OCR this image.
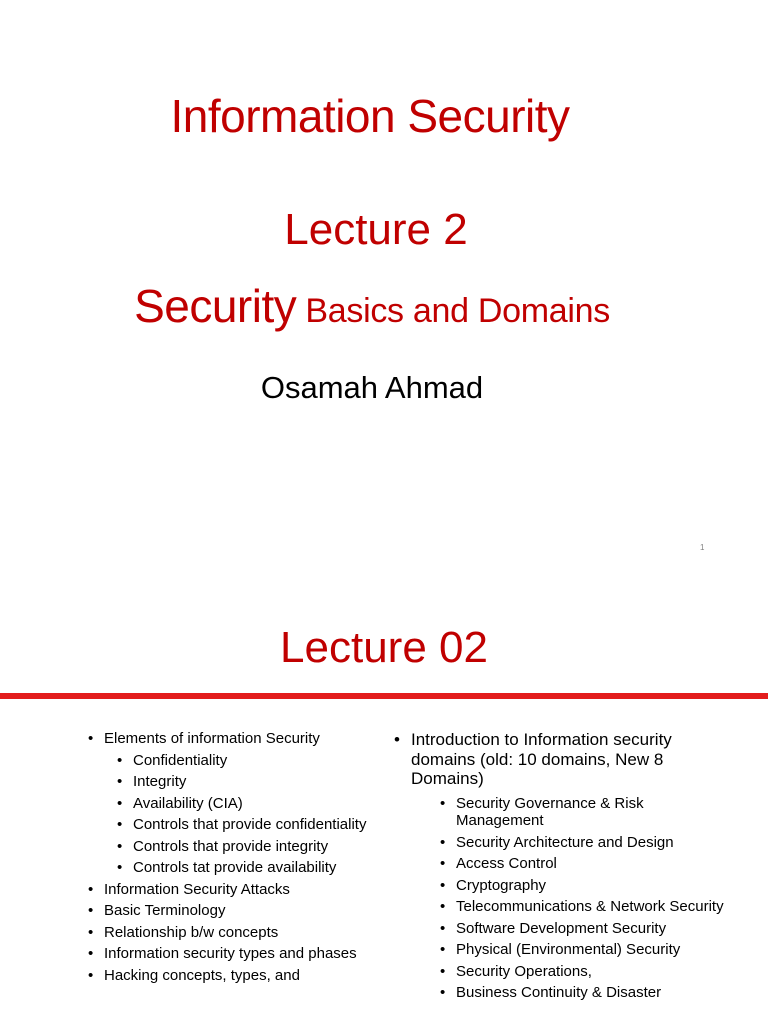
Information Security
Lecture 2
Security Basics and Domains
Osamah Ahmad
1
Lecture 02
• Elements of information Security
• Confidentiality
• Integrity
• Availability (CIA)
• Controls that provide confidentiality
• Controls that provide integrity
• Controls tat provide availability
• Information Security Attacks
• Basic Terminology
• Relationship b/w concepts
• Information security types and phases
• Hacking concepts, types, and
• Introduction to Information security domains (old: 10 domains, New 8 Domains)
• Security Governance & Risk Management
• Security Architecture and Design
• Access Control
• Cryptography
• Telecommunications & Network Security
• Software Development Security
• Physical (Environmental) Security
• Security Operations,
• Business Continuity & Disaster
